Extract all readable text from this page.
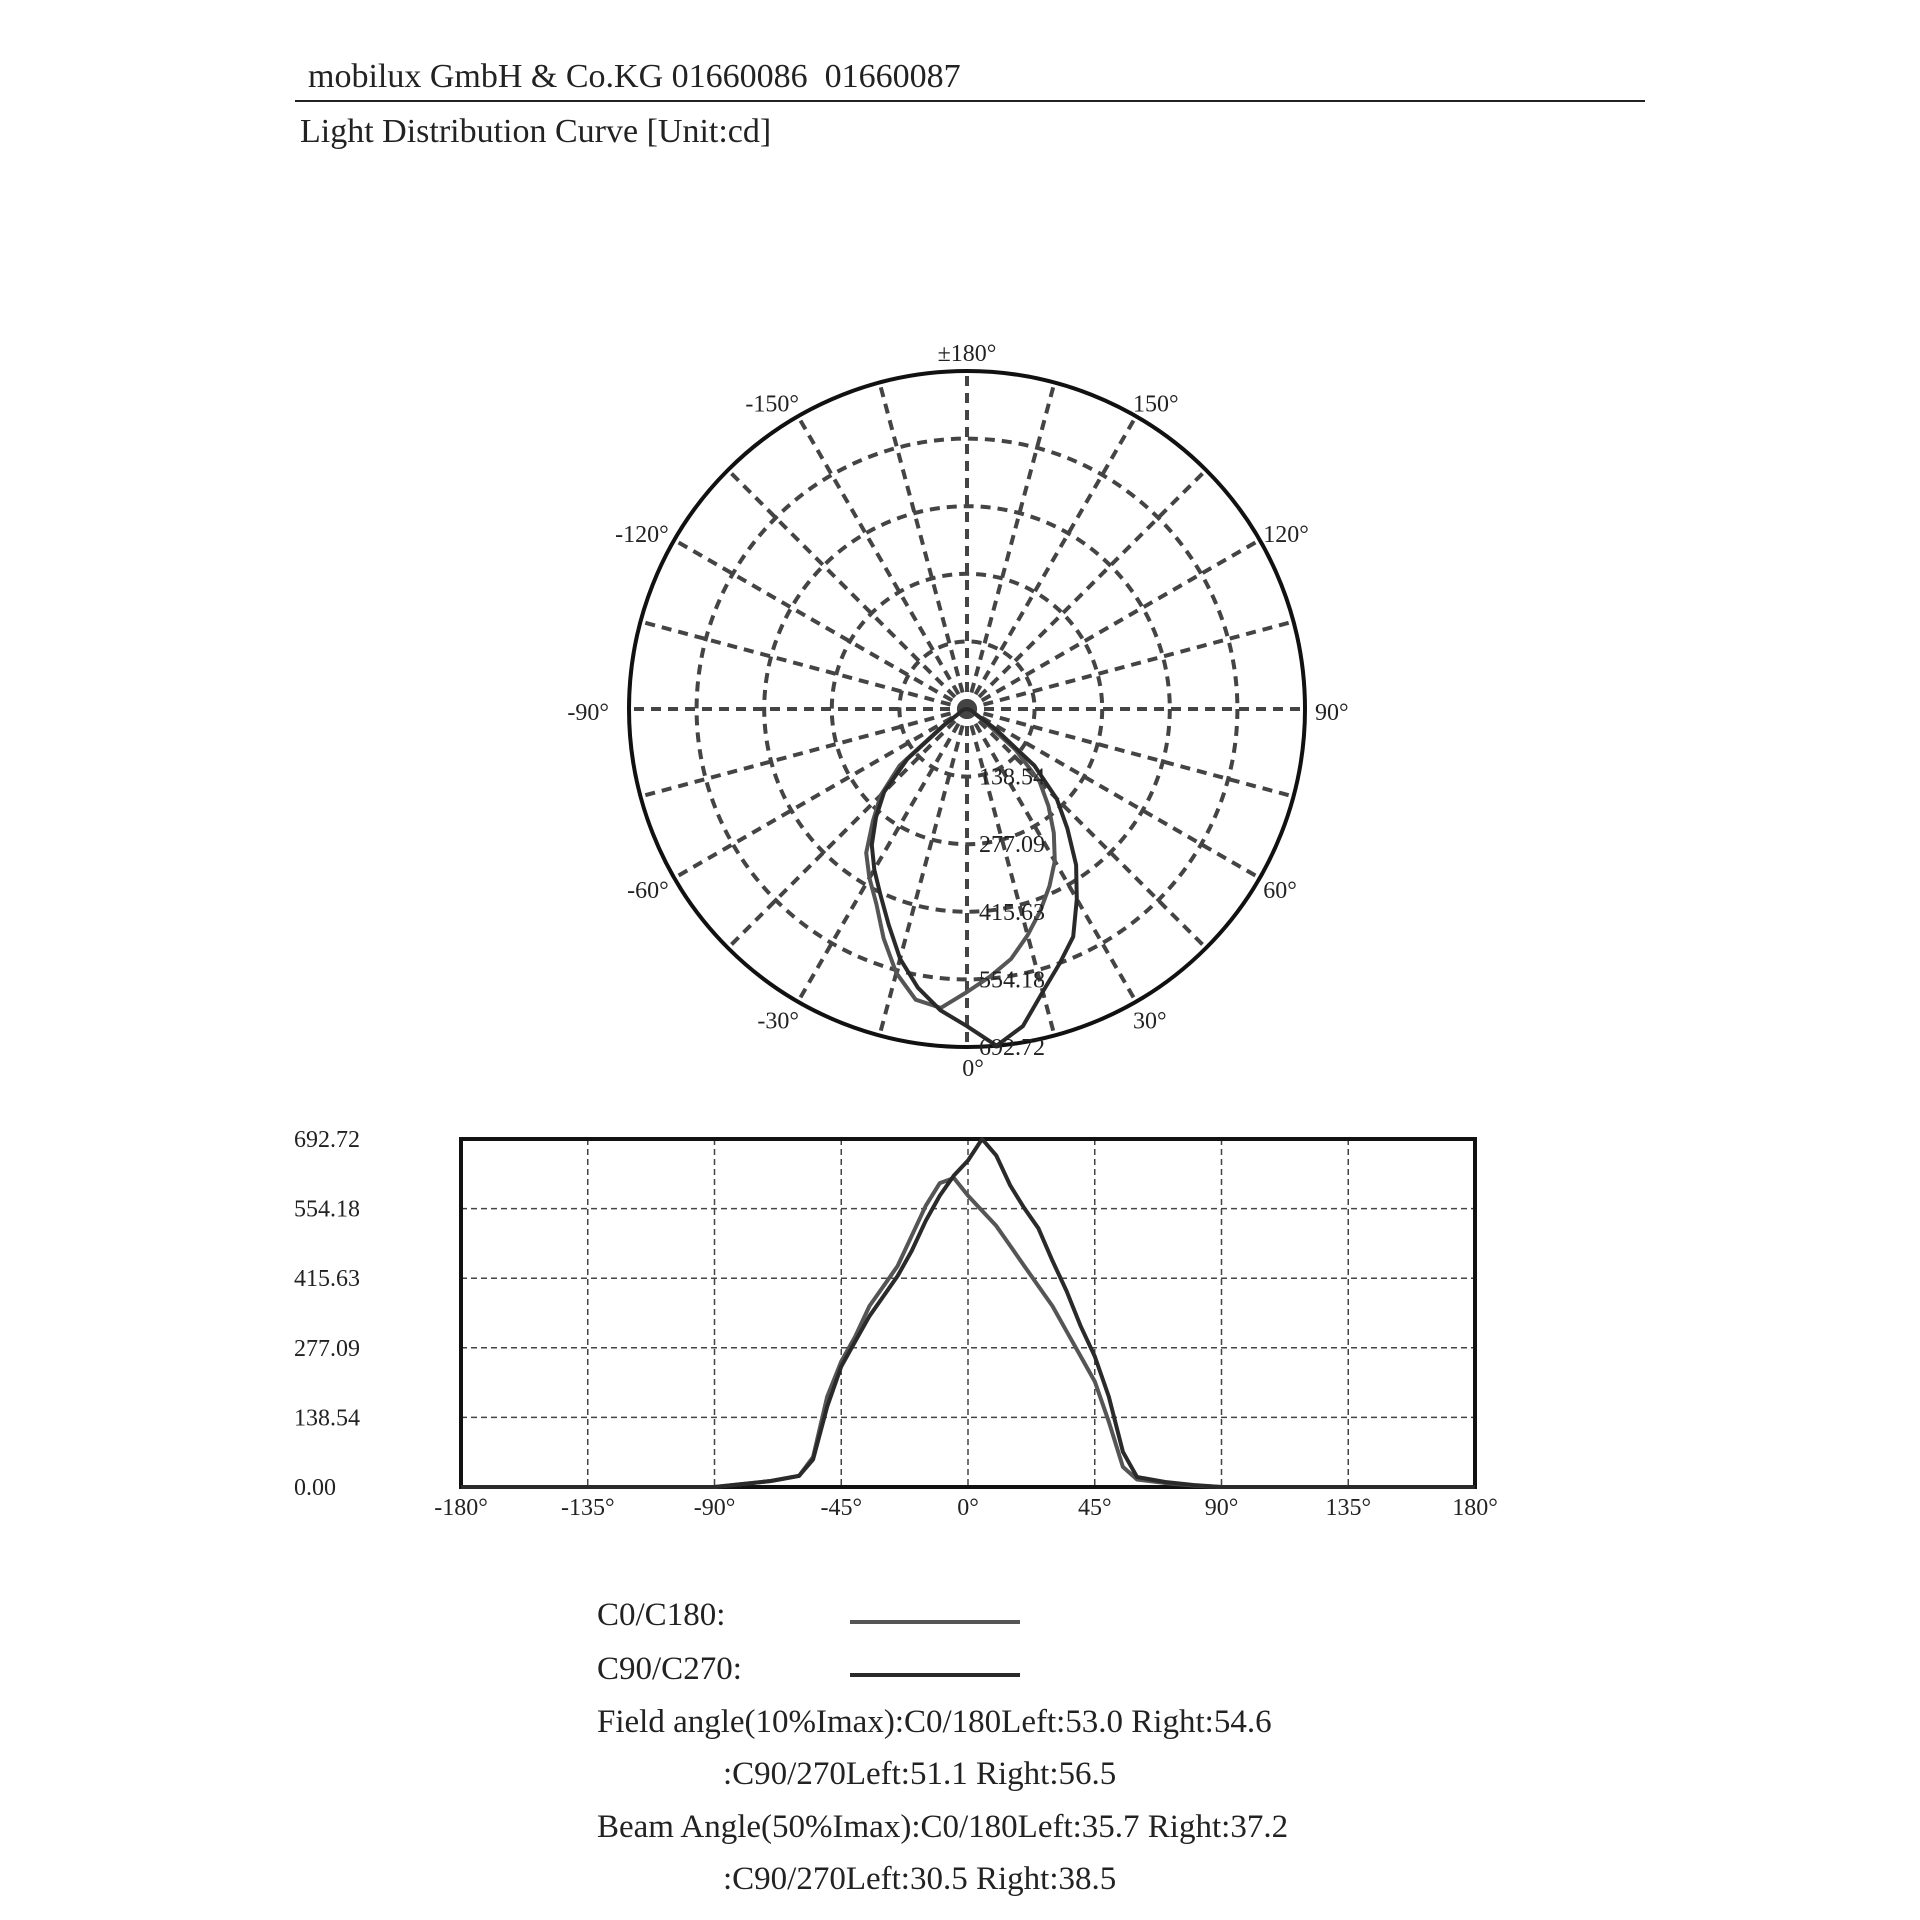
mobilux GmbH & Co.KG 01660086  01660087
Light Distribution Curve [Unit:cd]
±180°
150°
120°
90°
60°
30°
0°
-30°
-60°
-90°
-120°
-150°
138.54
277.09
415.63
554.18
692.72
-180°	-135°	-90°	-45°	0°	45°	90°	135°	180°
0.00
138.54
277.09
415.63
554.18
692.72
C0/C180:
C90/C270:
Field angle(10%Imax):C0/180Left:53.0 Right:54.6
:C90/270Left:51.1 Right:56.5
Beam Angle(50%Imax):C0/180Left:35.7 Right:37.2
:C90/270Left:30.5 Right:38.5
